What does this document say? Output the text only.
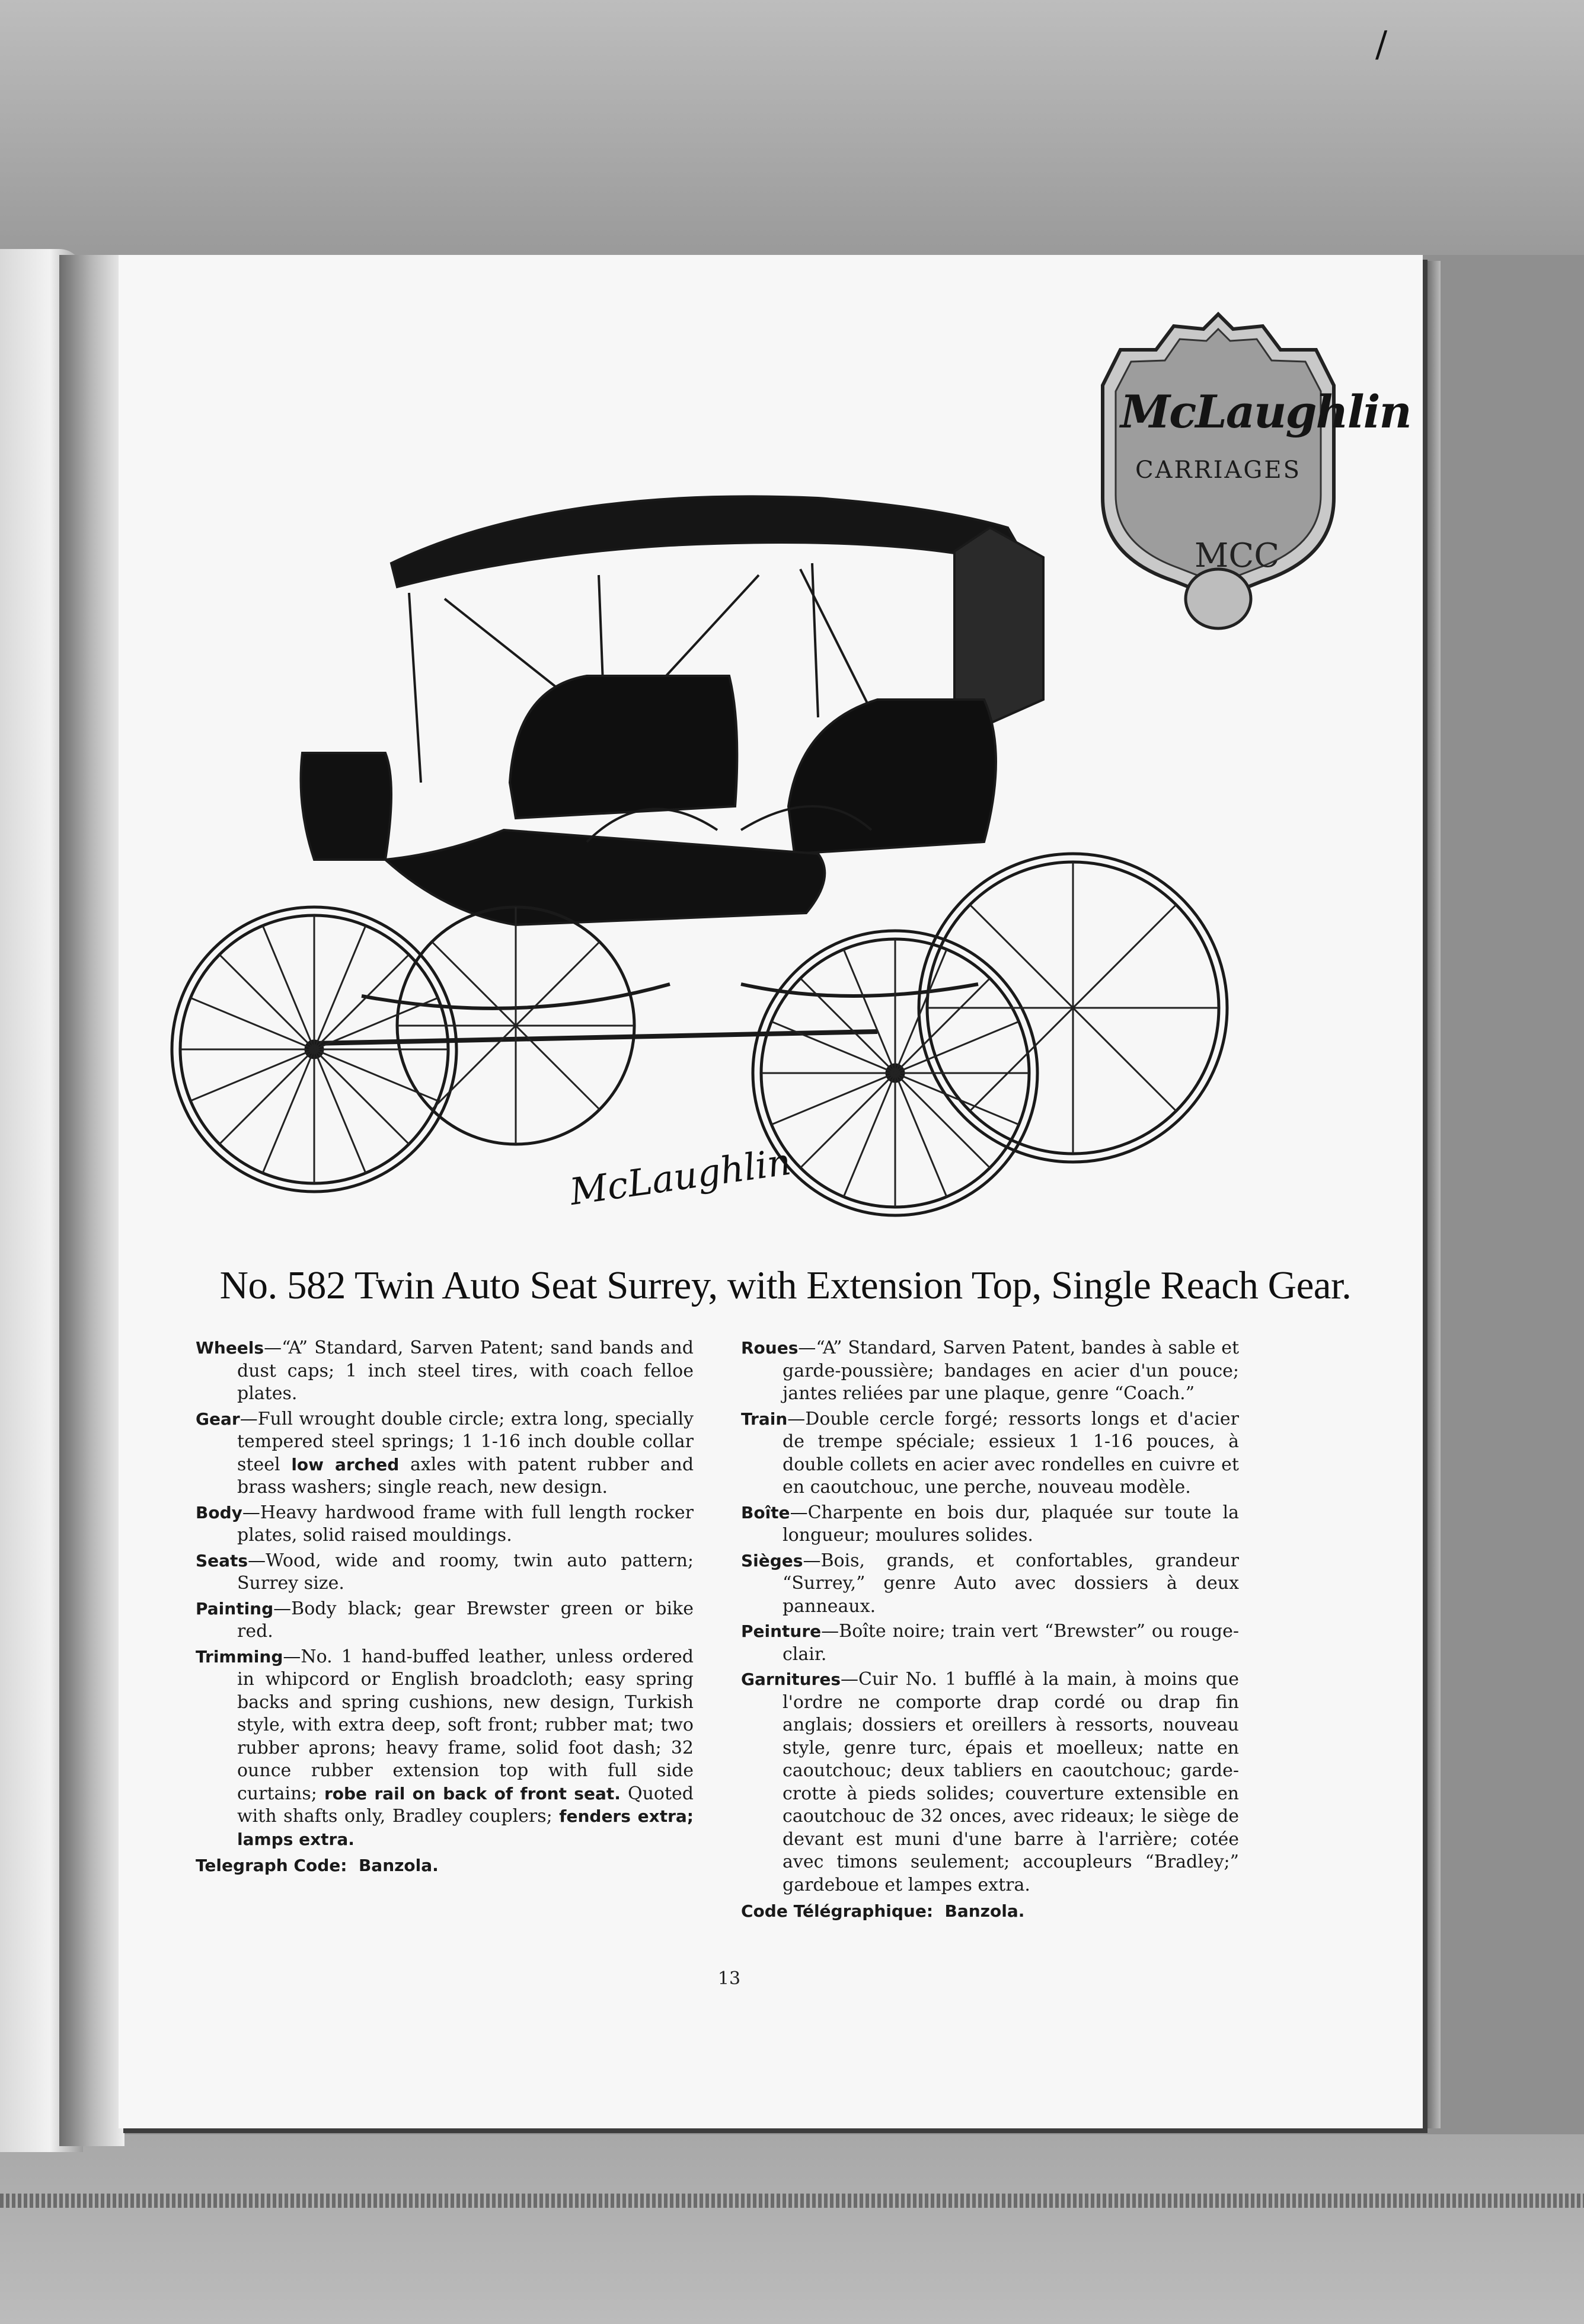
/
McLaughlin
CARRIAGES
MCC
McLaughlin
No. 582 Twin Auto Seat Surrey, with Extension Top, Single Reach Gear.

Wheels—“A” Standard, Sarven Patent; sand bands and dust caps; 1 inch steel tires, with coach felloe plates.

Gear—Full wrought double circle; extra long, specially tempered steel springs; 1 1-16 inch double collar steel low arched axles with patent rubber and brass washers; single reach, new design.

Body—Heavy hardwood frame with full length rocker plates, solid raised mouldings.

Seats—Wood, wide and roomy, twin auto pattern; Surrey size.

Painting—Body black; gear Brewster green or bike red.

Trimming—No. 1 hand-buffed leather, unless ordered in whipcord or English broadcloth; easy spring backs and spring cushions, new design, Turkish style, with extra deep, soft front; rubber mat; two rubber aprons; heavy frame, solid foot dash; 32 ounce rubber extension top with full side curtains; robe rail on back of front seat. Quoted with shafts only, Bradley couplers; fenders extra; lamps extra.

Telegraph Code: Banzola.

Roues—“A” Standard, Sarven Patent, bandes à sable et garde-poussière; bandages en acier d'un pouce; jantes reliées par une plaque, genre “Coach.”

Train—Double cercle forgé; ressorts longs et d'acier de trempe spéciale; essieux 1 1-16 pouces, à double collets en acier avec rondelles en cuivre et en caoutchouc, une perche, nouveau modèle.

Boîte—Charpente en bois dur, plaquée sur toute la longueur; moulures solides.

Sièges—Bois, grands, et confortables, grandeur “Surrey,” genre Auto avec dossiers à deux panneaux.

Peinture—Boîte noire; train vert “Brewster” ou rouge-clair.

Garnitures—Cuir No. 1 bufflé à la main, à moins que l'ordre ne comporte drap cordé ou drap fin anglais; dossiers et oreillers à ressorts, nouveau style, genre turc, épais et moelleux; natte en caoutchouc; deux tabliers en caoutchouc; garde-crotte à pieds solides; couverture extensible en caoutchouc de 32 onces, avec rideaux; le siège de devant est muni d'une barre à l'arrière; cotée avec timons seulement; accoupleurs “Bradley;” gardeboue et lampes extra.

Code Télégraphique: Banzola.
13
